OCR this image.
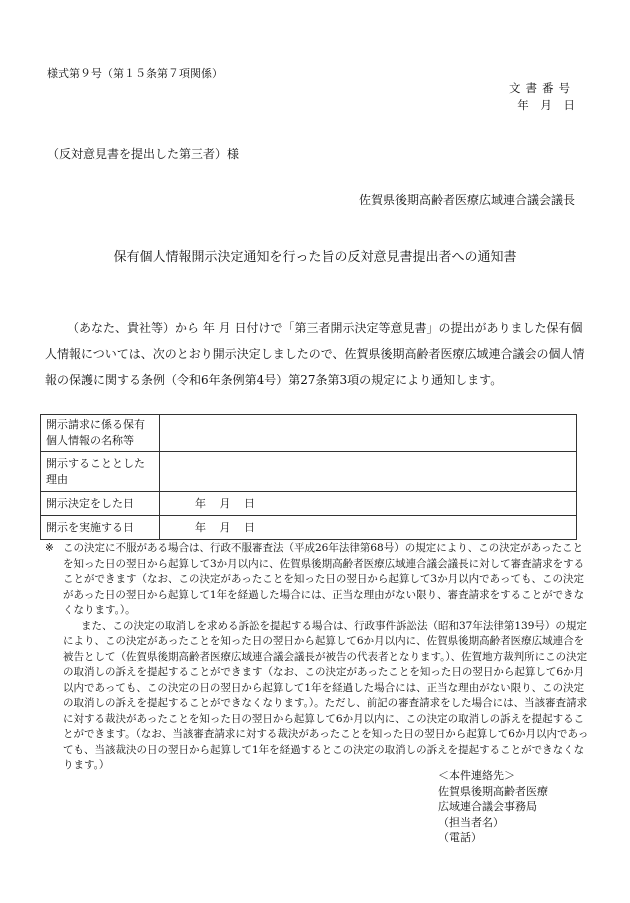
様式第９号（第１５条第７項関係）
文書番号
年 月 日
（反対意見書を提出した第三者）様
佐賀県後期高齢者医療広域連合議会議長
保有個人情報開示決定通知を行った旨の反対意見書提出者への通知書

（あなた、貴社等）から 年 月 日付けで「第三者開示決定等意見書」の提出がありました保有個人情報については、次のとおり開示決定しましたので、佐賀県後期高齢者医療広域連合議会の個人情報の保護に関する条例（令和6年条例第4号）第27条第3項の規定により通知します。

開示請求に係る保有個人情報の名称等	
開示することとした理由	
開示決定をした日	年 月 日
開示を実施する日	年 月 日
※ この決定に不服がある場合は、行政不服審査法（平成26年法律第68号）の規定により、この決定があったことを知った日の翌日から起算して3か月以内に、佐賀県後期高齢者医療広域連合議会議長に対して審査請求をすることができます（なお、この決定があったことを知った日の翌日から起算して3か月以内であっても、この決定があった日の翌日から起算して1年を経過した場合には、正当な理由がない限り、審査請求をすることができなくなります。）。

また、この決定の取消しを求める訴訟を提起する場合は、行政事件訴訟法（昭和37年法律第139号）の規定により、この決定があったことを知った日の翌日から起算して6か月以内に、佐賀県後期高齢者医療広域連合を被告として（佐賀県後期高齢者医療広域連合議会議長が被告の代表者となります。）、佐賀地方裁判所にこの決定の取消しの訴えを提起することができます（なお、この決定があったことを知った日の翌日から起算して6か月以内であっても、この決定の日の翌日から起算して1年を経過した場合には、正当な理由がない限り、この決定の取消しの訴えを提起することができなくなります。）。ただし、前記の審査請求をした場合には、当該審査請求に対する裁決があったことを知った日の翌日から起算して6か月以内に、この決定の取消しの訴えを提起することができます。（なお、当該審査請求に対する裁決があったことを知った日の翌日から起算して6か月以内であっても、当該裁決の日の翌日から起算して1年を経過するとこの決定の取消しの訴えを提起することができなくなります。）

＜本件連絡先＞
佐賀県後期高齢者医療
広域連合議会事務局
（担当者名）
（電話）
